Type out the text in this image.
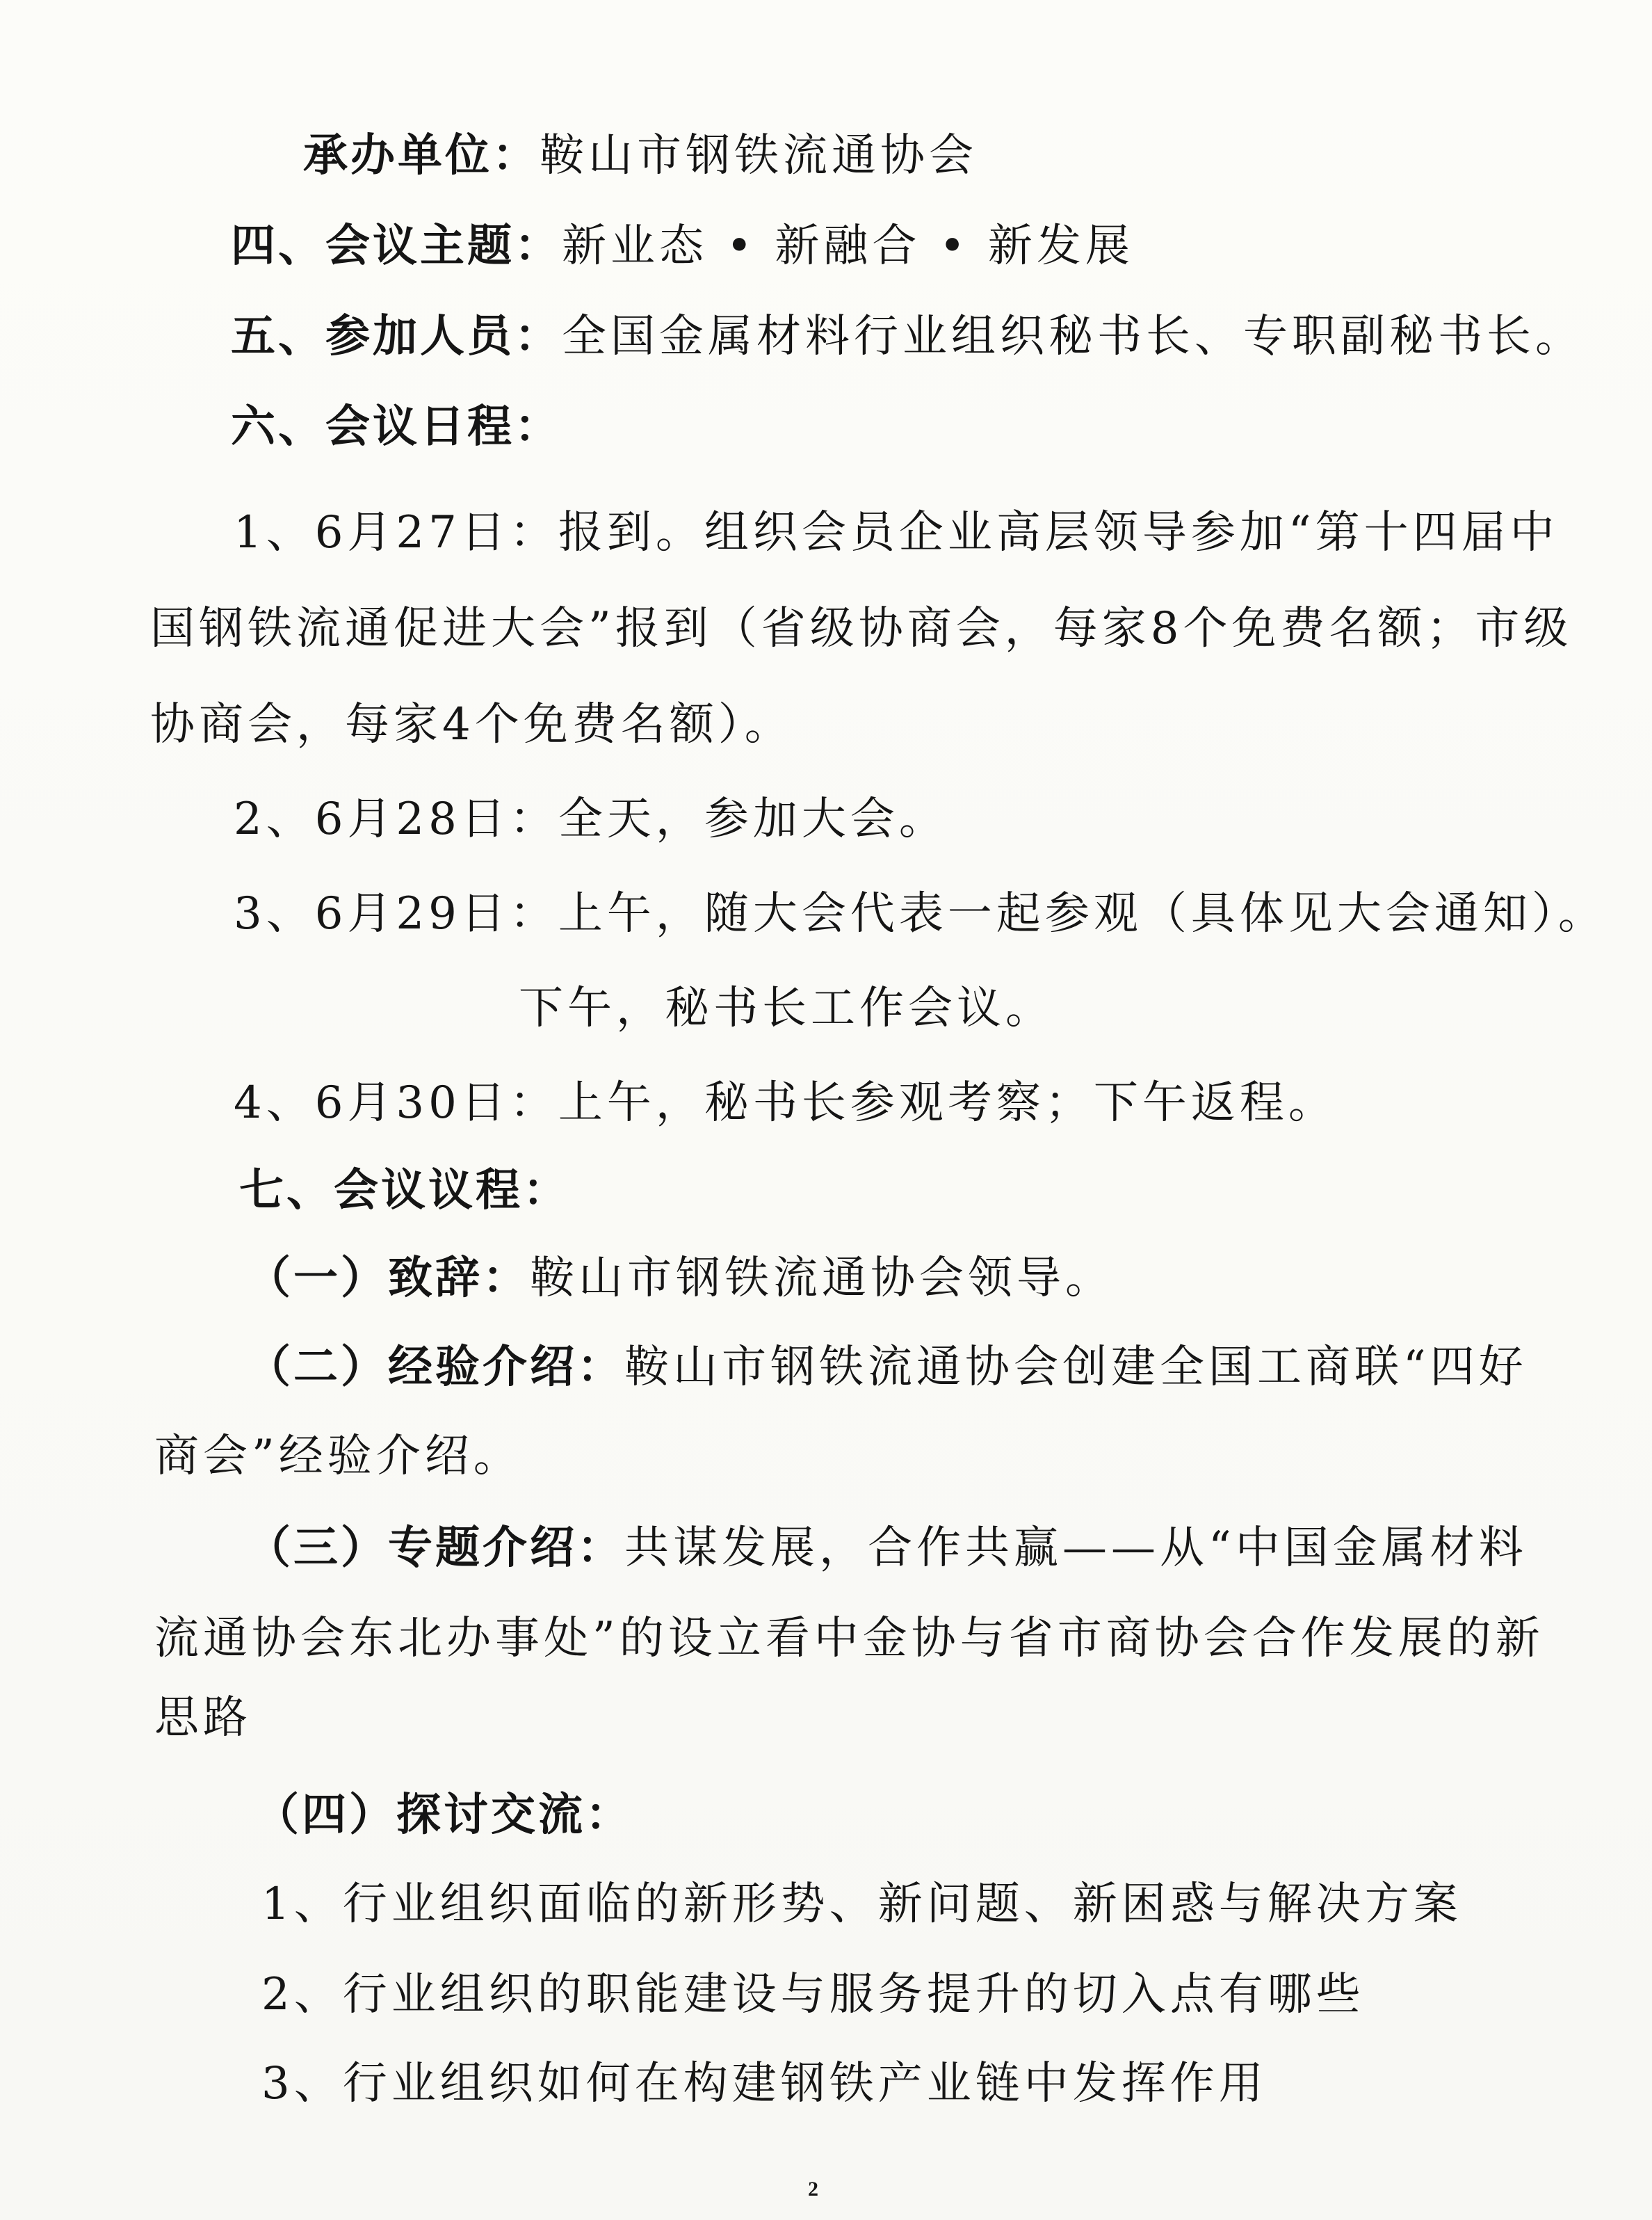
承办单位：鞍山市钢铁流通协会
四、会议主题：新业态 • 新融合 • 新发展
五、参加人员：全国金属材料行业组织秘书长、专职副秘书长。
六、会议日程：
1、6月27日：报到。组织会员企业高层领导参加“第十四届中
国钢铁流通促进大会”报到（省级协商会，每家8个免费名额；市级
协商会，每家4个免费名额）。
2、6月28日：全天，参加大会。
3、6月29日：上午，随大会代表一起参观（具体见大会通知）。
下午，秘书长工作会议。
4、6月30日：上午，秘书长参观考察；下午返程。
七、会议议程：
（一）致辞：鞍山市钢铁流通协会领导。
（二）经验介绍：鞍山市钢铁流通协会创建全国工商联“四好
商会”经验介绍。
（三）专题介绍：共谋发展，合作共赢——从“中国金属材料
流通协会东北办事处”的设立看中金协与省市商协会合作发展的新
思路
（四）探讨交流：
1、行业组织面临的新形势、新问题、新困惑与解决方案
2、行业组织的职能建设与服务提升的切入点有哪些
3、行业组织如何在构建钢铁产业链中发挥作用
2
